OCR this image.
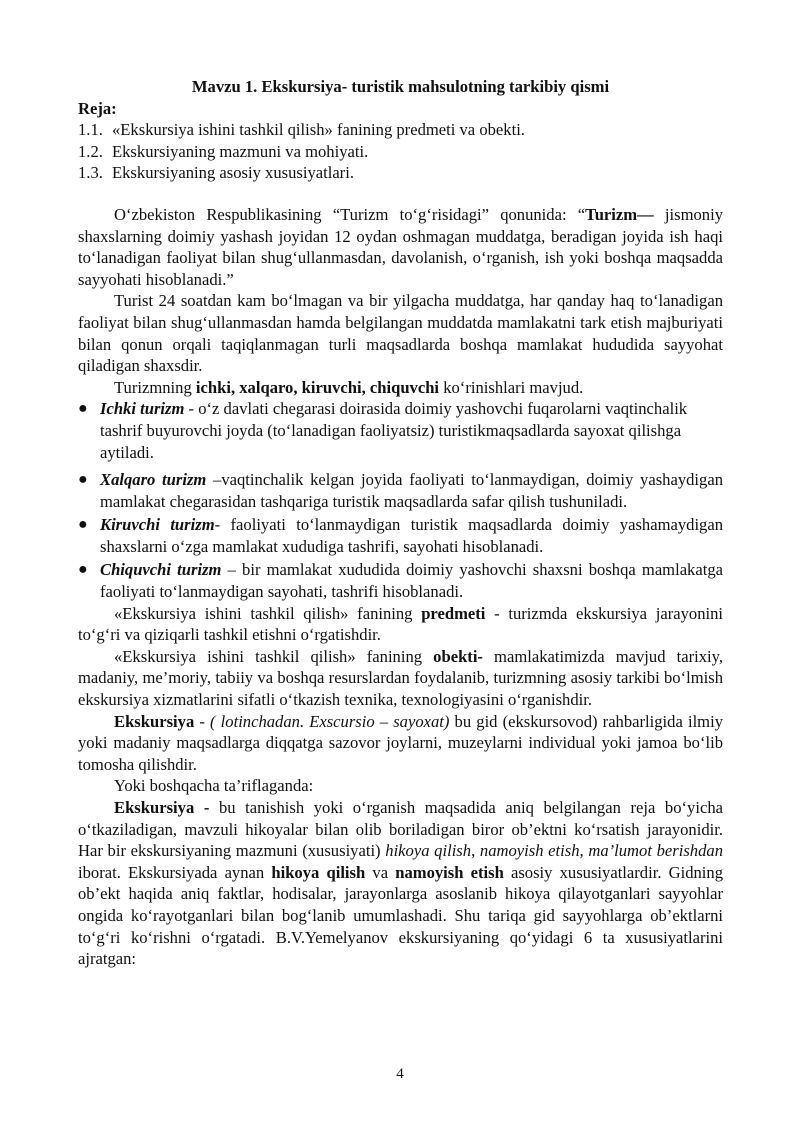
Mavzu 1. Ekskursiya- turistik mahsulotning tarkibiy qismi
Reja:
1.1. «Ekskursiya ishini tashkil qilish» fanining predmeti va obekti.
1.2. Ekskursiyaning mazmuni va mohiyati.
1.3. Ekskursiyaning asosiy xususiyatlari.

O‘zbekiston Respublikasining “Turizm to‘g‘risidagi” qonunida: “Turizm— jismoniy shaxslarning doimiy yashash joyidan 12 oydan oshmagan muddatga, beradigan joyida ish haqi to‘lanadigan faoliyat bilan shug‘ullanmasdan, davolanish, o‘rganish, ish yoki boshqa maqsadda sayyohati hisoblanadi.”

Turist 24 soatdan kam bo‘lmagan va bir yilgacha muddatga, har qanday haq to‘lanadigan faoliyat bilan shug‘ullanmasdan hamda belgilangan muddatda mamlakatni tark etish majburiyati bilan qonun orqali taqiqlanmagan turli maqsadlarda boshqa mamlakat hududida sayyohat qiladigan shaxsdir.

Turizmning ichki, xalqaro, kiruvchi, chiquvchi ko‘rinishlari mavjud.

● Ichki turizm - o‘z davlati chegarasi doirasida doimiy yashovchi fuqarolarni vaqtinchalik tashrif buyurovchi joyda (to‘lanadigan faoliyatsiz) turistikmaqsadlarda sayoxat qilishga aytiladi.
● Xalqaro turizm –vaqtinchalik kelgan joyida faoliyati to‘lanmaydigan, doimiy yashaydigan mamlakat chegarasidan tashqariga turistik maqsadlarda safar qilish tushuniladi.
● Kiruvchi turizm- faoliyati to‘lanmaydigan turistik maqsadlarda doimiy yashamaydigan shaxslarni o‘zga mamlakat xududiga tashrifi, sayohati hisoblanadi.
● Chiquvchi turizm – bir mamlakat xududida doimiy yashovchi shaxsni boshqa mamlakatga faoliyati to‘lanmaydigan sayohati, tashrifi hisoblanadi.

«Ekskursiya ishini tashkil qilish» fanining predmeti - turizmda ekskursiya jarayonini to‘g‘ri va qiziqarli tashkil etishni o‘rgatishdir.

«Ekskursiya ishini tashkil qilish» fanining obekti- mamlakatimizda mavjud tarixiy, madaniy, me’moriy, tabiiy va boshqa resurslardan foydalanib, turizmning asosiy tarkibi bo‘lmish ekskursiya xizmatlarini sifatli o‘tkazish texnika, texnologiyasini o‘rganishdir.

Ekskursiya - ( lotinchadan. Exscursio – sayoxat) bu gid (ekskursovod) rahbarligida ilmiy yoki madaniy maqsadlarga diqqatga sazovor joylarni, muzeylarni individual yoki jamoa bo‘lib tomosha qilishdir.

Yoki boshqacha ta’riflaganda:

Ekskursiya - bu tanishish yoki o‘rganish maqsadida aniq belgilangan reja bo‘yicha o‘tkaziladigan, mavzuli hikoyalar bilan olib boriladigan biror ob’ektni ko‘rsatish jarayonidir. Har bir ekskursiyaning mazmuni (xususiyati) hikoya qilish, namoyish etish, ma’lumot berishdan iborat. Ekskursiyada aynan hikoya qilish va namoyish etish asosiy xususiyatlardir. Gidning ob’ekt haqida aniq faktlar, hodisalar, jarayonlarga asoslanib hikoya qilayotganlari sayyohlar ongida ko‘rayotganlari bilan bog‘lanib umumlashadi. Shu tariqa gid sayyohlarga ob’ektlarni to‘g‘ri ko‘rishni o‘rgatadi. B.V.Yemelyanov ekskursiyaning qo‘yidagi 6 ta xususiyatlarini ajratgan:

4
